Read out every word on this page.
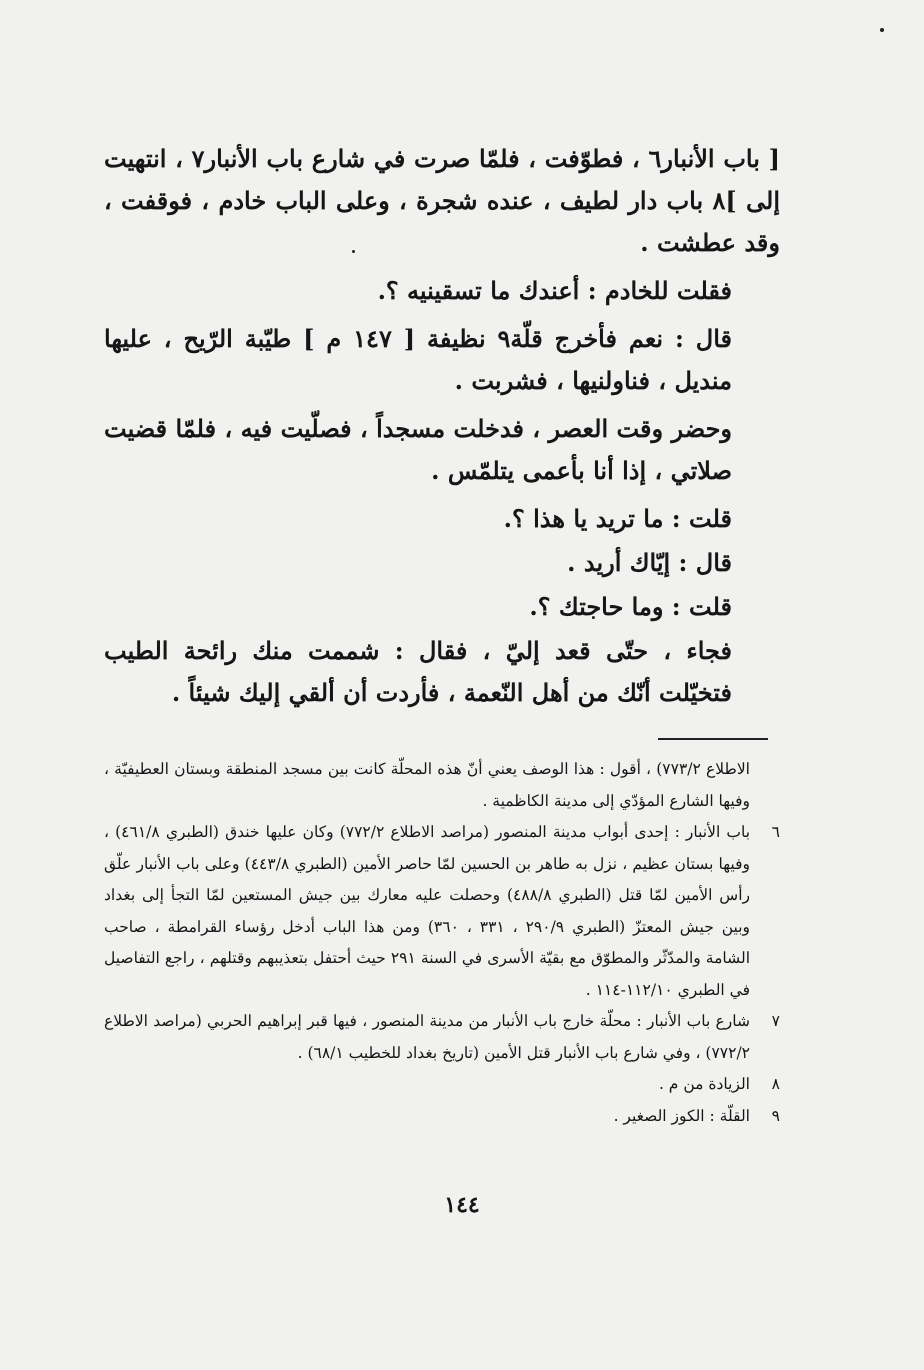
[ باب الأنبار٦ ، فطوّفت ، فلمّا صرت في شارع باب الأنبار٧ ، انتهيت إلى ]٨ باب دار لطيف ، عنده شجرة ، وعلى الباب خادم ، فوقفت ، وقد عطشت .

فقلت للخادم : أعندك ما تسقينيه ؟.

قال : نعم فأخرج قلّة٩ نظيفة [ ١٤٧ م ] طيّبة الرّيح ، عليها منديل ، فناولنيها ، فشربت .

وحضر وقت العصر ، فدخلت مسجداً ، فصلّيت فيه ، فلمّا قضيت صلاتي ، إذا أنا بأعمى يتلمّس .

قلت : ما تريد يا هذا ؟.

قال : إيّاك أريد .

قلت : وما حاجتك ؟.

فجاء ، حتّى قعد إليّ ، فقال : شممت منك رائحة الطيب فتخيّلت أنّك من أهل النّعمة ، فأردت أن ألقي إليك شيئاً .

الاطلاع ٧٧٣/٢) ، أقول : هذا الوصف يعني أنّ هذه المحلّة كانت بين مسجد المنطقة وبستان العطيفيّة ، وفيها الشارع المؤدّي إلى مدينة الكاظمية .
٦
باب الأنبار : إحدى أبواب مدينة المنصور (مراصد الاطلاع ٧٧٢/٢) وكان عليها خندق (الطبري ٤٦١/٨) ، وفيها بستان عظيم ، نزل به طاهر بن الحسين لمّا حاصر الأمين (الطبري ٤٤٣/٨) وعلى باب الأنبار علّق رأس الأمين لمّا قتل (الطبري ٤٨٨/٨) وحصلت عليه معارك بين جيش المستعين لمّا التجأ إلى بغداد وبين جيش المعتزّ (الطبري ٢٩٠/٩ ، ٣٣١ ، ٣٦٠) ومن هذا الباب أدخل رؤساء القرامطة ، صاحب الشامة والمدّثّر والمطوّق مع بقيّة الأسرى في السنة ٢٩١ حيث أحتفل بتعذيبهم وقتلهم ، راجع التفاصيل في الطبري ١١٢/١٠-١١٤ .
٧
شارع باب الأنبار : محلّة خارج باب الأنبار من مدينة المنصور ، فيها قبر إبراهيم الحربي (مراصد الاطلاع ٧٧٢/٢) ، وفي شارع باب الأنبار قتل الأمين (تاريخ بغداد للخطيب ٦٨/١) .
٨
الزيادة من م .
٩
القلّة : الكوز الصغير .
١٤٤
